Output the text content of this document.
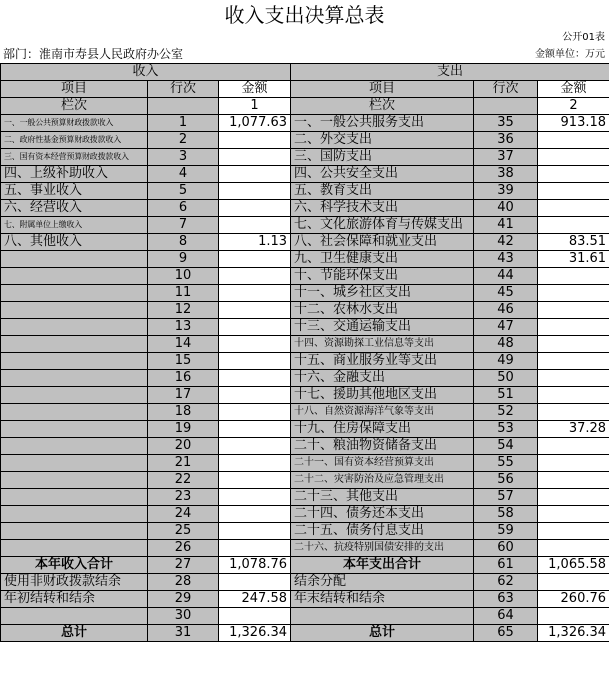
收入支出决算总表
公开01表
部门：淮南市寿县人民政府办公室	金额单位：万元
收入			支出		
项目	行次	金额	项目	行次	金额
栏次		1	栏次		2
一、一般公共预算财政拨款收入	1	1,077.63	一、一般公共服务支出	35	913.18
二、政府性基金预算财政拨款收入	2		二、外交支出	36	
三、国有资本经营预算财政拨款收入	3		三、国防支出	37	
四、上级补助收入	4		四、公共安全支出	38	
五、事业收入	5		五、教育支出	39	
六、经营收入	6		六、科学技术支出	40	
七、附属单位上缴收入	7		七、文化旅游体育与传媒支出	41	
八、其他收入	8	1.13	八、社会保障和就业支出	42	83.51
	9		九、卫生健康支出	43	31.61
	10		十、节能环保支出	44	
	11		十一、城乡社区支出	45	
	12		十二、农林水支出	46	
	13		十三、交通运输支出	47	
	14		十四、资源勘探工业信息等支出	48	
	15		十五、商业服务业等支出	49	
	16		十六、金融支出	50	
	17		十七、援助其他地区支出	51	
	18		十八、自然资源海洋气象等支出	52	
	19		十九、住房保障支出	53	37.28
	20		二十、粮油物资储备支出	54	
	21		二十一、国有资本经营预算支出	55	
	22		二十二、灾害防治及应急管理支出	56	
	23		二十三、其他支出	57	
	24		二十四、债务还本支出	58	
	25		二十五、债务付息支出	59	
	26		二十六、抗疫特别国债安排的支出	60	
本年收入合计	27	1,078.76	本年支出合计	61	1,065.58
使用非财政拨款结余	28		结余分配	62	
年初结转和结余	29	247.58	年末结转和结余	63	260.76
	30			64	
总计	31	1,326.34	总计	65	1,326.34
